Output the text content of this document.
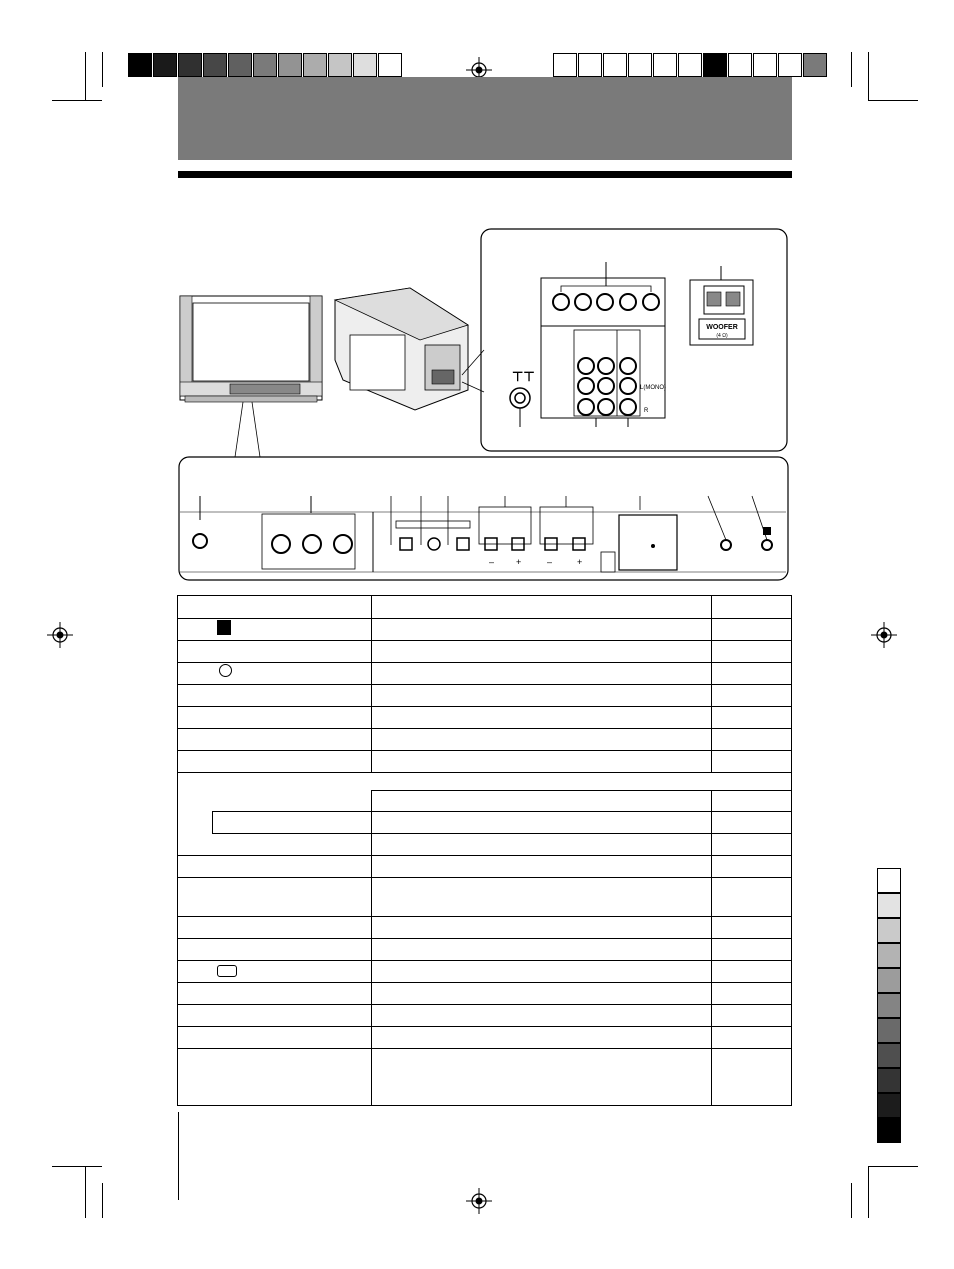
⊤⊤
L(MONO)
R
WOOFER
(4 Ω)
– +	–	+
